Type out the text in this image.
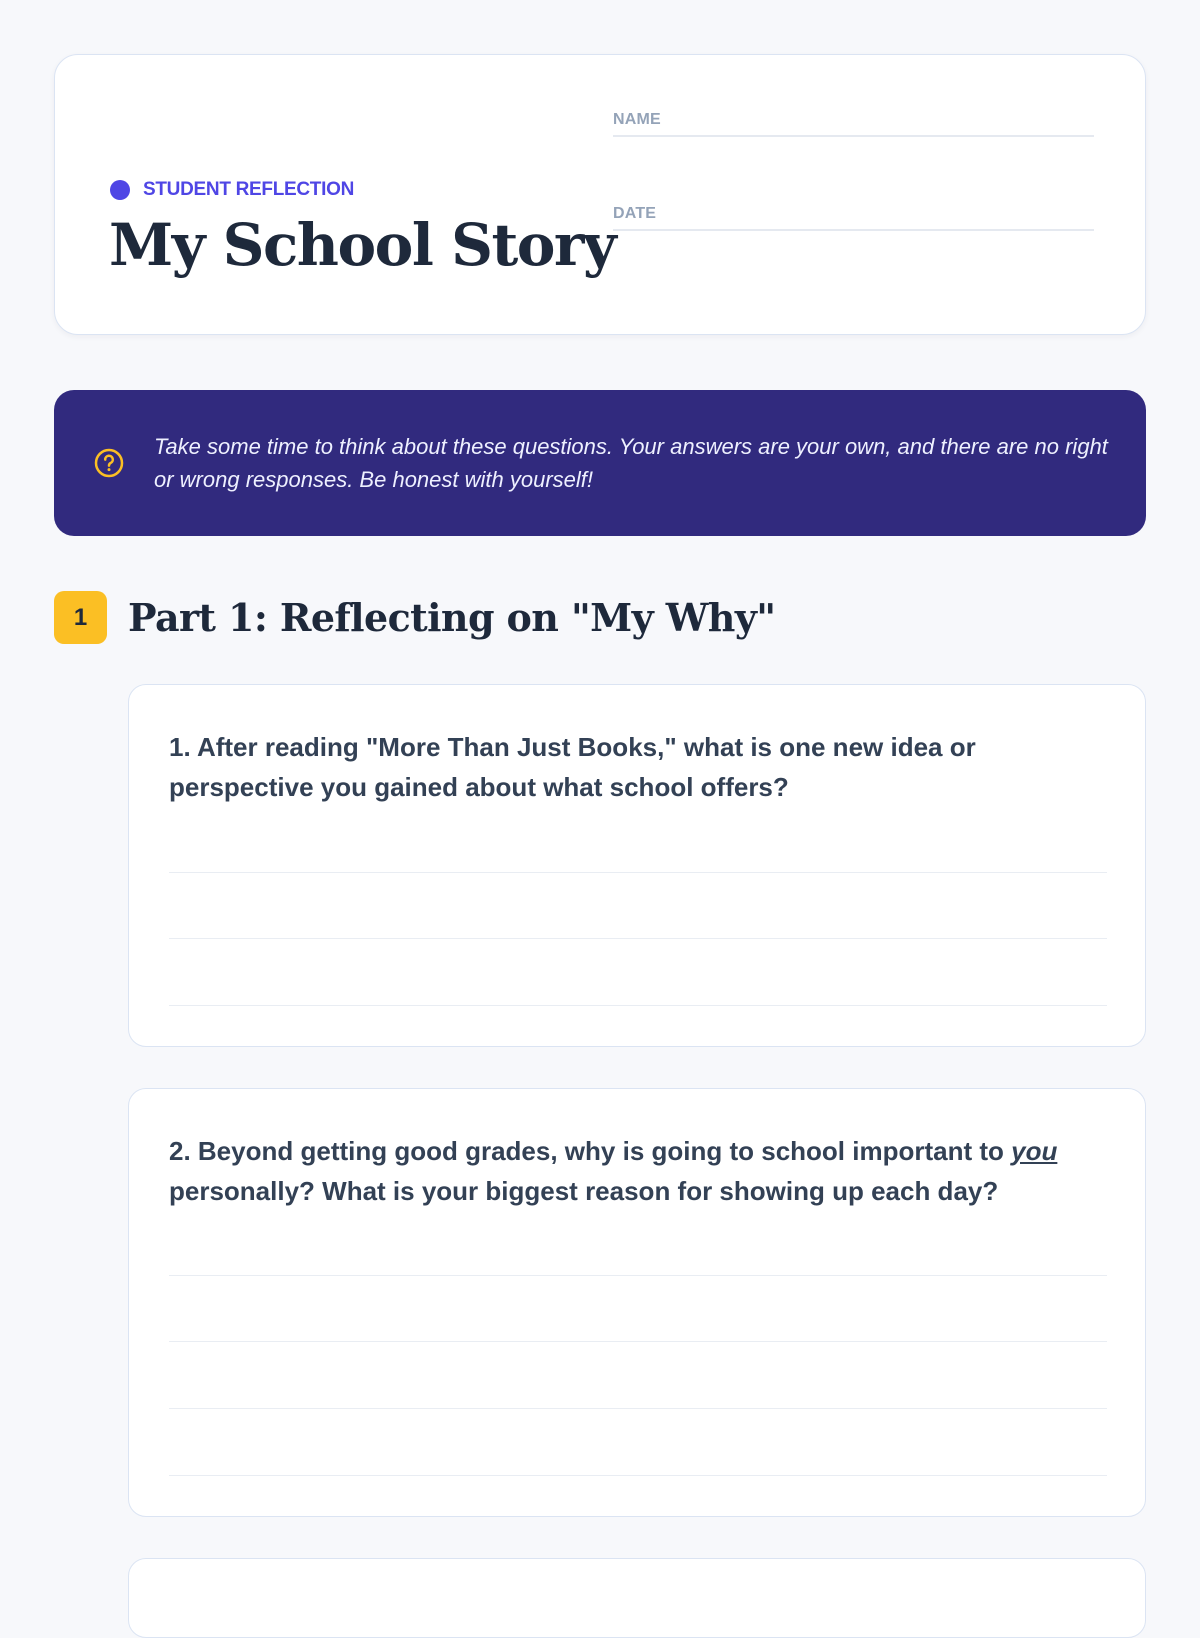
STUDENT REFLECTION
My School Story
NAME
DATE
Take some time to think about these questions. Your answers are your own, and there are no right or wrong responses. Be honest with yourself!
1	Part 1: Reflecting on "My Why"

1. After reading "More Than Just Books," what is one new idea or perspective you gained about what school offers?

2. Beyond getting good grades, why is going to school important to you personally? What is your biggest reason for showing up each day?
